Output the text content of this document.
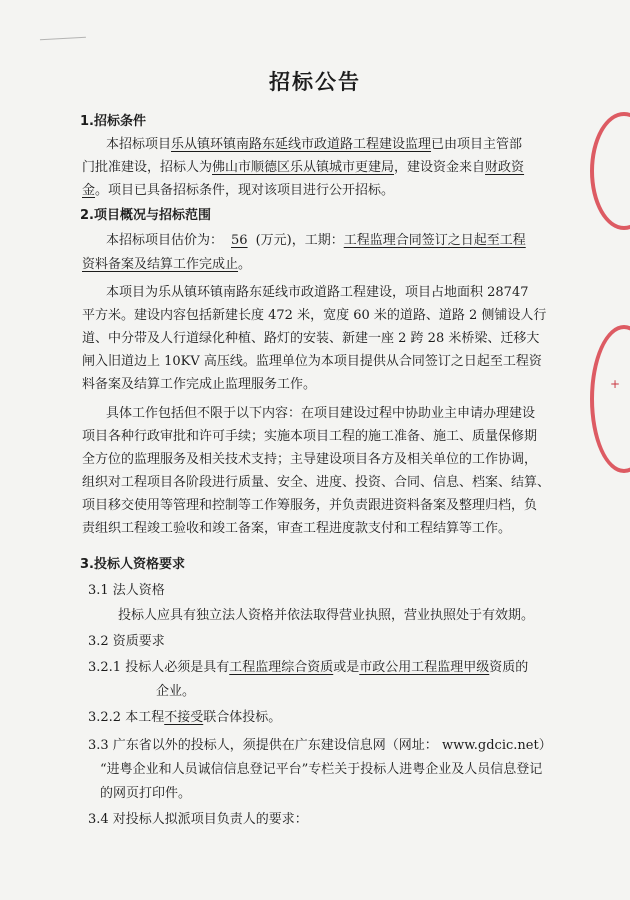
+
招标公告
1.招标条件
本招标项目乐从镇环镇南路东延线市政道路工程建设监理已由项目主管部
门批准建设，招标人为佛山市顺德区乐从镇城市更建局，建设资金来自财政资
金。项目已具备招标条件，现对该项目进行公开招标。
2.项目概况与招标范围
本招标项目估价为： 56 (万元)，工期：工程监理合同签订之日起至工程
资料备案及结算工作完成止。
本项目为乐从镇环镇南路东延线市政道路工程建设，项目占地面积 28747
平方米。建设内容包括新建长度 472 米，宽度 60 米的道路、道路 2 侧铺设人行
道、中分带及人行道绿化种植、路灯的安装、新建一座 2 跨 28 米桥梁、迁移大
闸入旧道边上 10KV 高压线。监理单位为本项目提供从合同签订之日起至工程资
料备案及结算工作完成止监理服务工作。
具体工作包括但不限于以下内容：在项目建设过程中协助业主申请办理建设
项目各种行政审批和许可手续；实施本项目工程的施工准备、施工、质量保修期
全方位的监理服务及相关技术支持；主导建设项目各方及相关单位的工作协调，
组织对工程项目各阶段进行质量、安全、进度、投资、合同、信息、档案、结算、
项目移交使用等管理和控制等工作筹服务，并负责跟进资料备案及整理归档，负
责组织工程竣工验收和竣工备案，审查工程进度款支付和工程结算等工作。
3.投标人资格要求
3.1 法人资格
投标人应具有独立法人资格并依法取得营业执照，营业执照处于有效期。
3.2 资质要求
3.2.1 投标人必须是具有工程监理综合资质或是市政公用工程监理甲级资质的
企业。
3.2.2 本工程不接受联合体投标。
3.3 广东省以外的投标人，须提供在广东建设信息网（网址： www.gdcic.net）
“进粤企业和人员诚信信息登记平台”专栏关于投标人进粤企业及人员信息登记
的网页打印件。
3.4 对投标人拟派项目负责人的要求：
